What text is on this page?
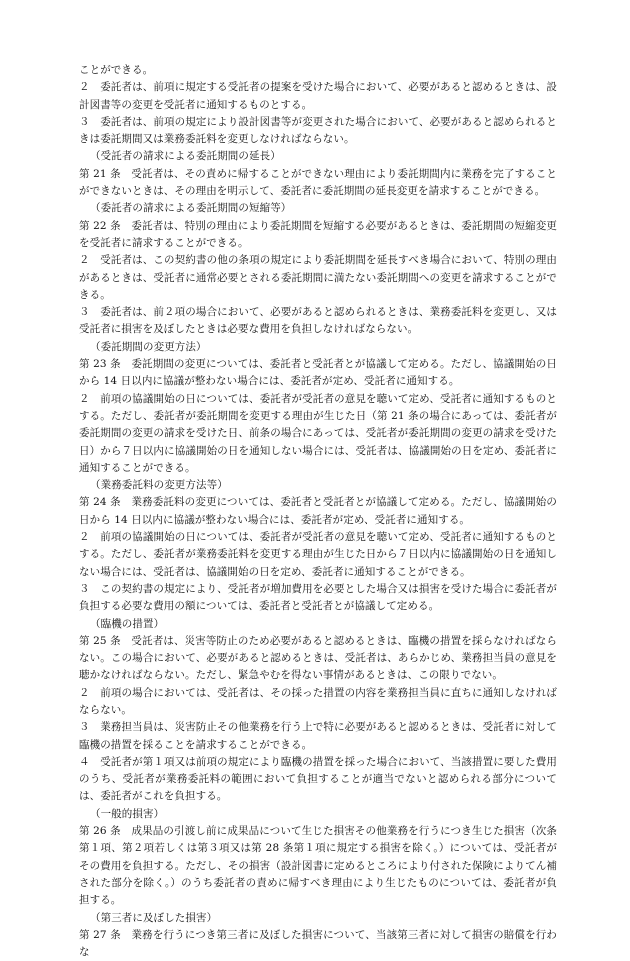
ことができる。

２　委託者は、前項に規定する受託者の提案を受けた場合において、必要があると認めるときは、設計図書等の変更を受託者に通知するものとする。

３　委託者は、前項の規定により設計図書等が変更された場合において、必要があると認められるときは委託期間又は業務委託料を変更しなければならない。

（受託者の請求による委託期間の延長）

第 21 条　受託者は、その責めに帰することができない理由により委託期間内に業務を完了することができないときは、その理由を明示して、委託者に委託期間の延長変更を請求することができる。

（委託者の請求による委託期間の短縮等）

第 22 条　委託者は、特別の理由により委託期間を短縮する必要があるときは、委託期間の短縮変更を受託者に請求することができる。

２　受託者は、この契約書の他の条項の規定により委託期間を延長すべき場合において、特別の理由があるときは、受託者に通常必要とされる委託期間に満たない委託期間への変更を請求することができる。

３　委託者は、前２項の場合において、必要があると認められるときは、業務委託料を変更し、又は受託者に損害を及ぼしたときは必要な費用を負担しなければならない。

（委託期間の変更方法）

第 23 条　委託期間の変更については、委託者と受託者とが協議して定める。ただし、協議開始の日から 14 日以内に協議が整わない場合には、委託者が定め、受託者に通知する。

２　前項の協議開始の日については、委託者が受託者の意見を聴いて定め、受託者に通知するものとする。ただし、委託者が委託期間を変更する理由が生じた日（第 21 条の場合にあっては、委託者が委託期間の変更の請求を受けた日、前条の場合にあっては、受託者が委託期間の変更の請求を受けた日）から７日以内に協議開始の日を通知しない場合には、受託者は、協議開始の日を定め、委託者に通知することができる。

（業務委託料の変更方法等）

第 24 条　業務委託料の変更については、委託者と受託者とが協議して定める。ただし、協議開始の日から 14 日以内に協議が整わない場合には、委託者が定め、受託者に通知する。

２　前項の協議開始の日については、委託者が受託者の意見を聴いて定め、受託者に通知するものとする。ただし、委託者が業務委託料を変更する理由が生じた日から７日以内に協議開始の日を通知しない場合には、受託者は、協議開始の日を定め、委託者に通知することができる。

３　この契約書の規定により、受託者が増加費用を必要とした場合又は損害を受けた場合に委託者が負担する必要な費用の額については、委託者と受託者とが協議して定める。

（臨機の措置）

第 25 条　受託者は、災害等防止のため必要があると認めるときは、臨機の措置を採らなければならない。この場合において、必要があると認めるときは、受託者は、あらかじめ、業務担当員の意見を聴かなければならない。ただし、緊急やむを得ない事情があるときは、この限りでない。

２　前項の場合においては、受託者は、その採った措置の内容を業務担当員に直ちに通知しなければならない。

３　業務担当員は、災害防止その他業務を行う上で特に必要があると認めるときは、受託者に対して臨機の措置を採ることを請求することができる。

４　受託者が第１項又は前項の規定により臨機の措置を採った場合において、当該措置に要した費用のうち、受託者が業務委託料の範囲において負担することが適当でないと認められる部分については、委託者がこれを負担する。

（一般的損害）

第 26 条　成果品の引渡し前に成果品について生じた損害その他業務を行うにつき生じた損害（次条第１項、第２項若しくは第３項又は第 28 条第１項に規定する損害を除く。）については、受託者がその費用を負担する。ただし、その損害（設計図書に定めるところにより付された保険によりてん補された部分を除く。）のうち委託者の責めに帰すべき理由により生じたものについては、委託者が負担する。

（第三者に及ぼした損害）

第 27 条　業務を行うにつき第三者に及ぼした損害について、当該第三者に対して損害の賠償を行わな
